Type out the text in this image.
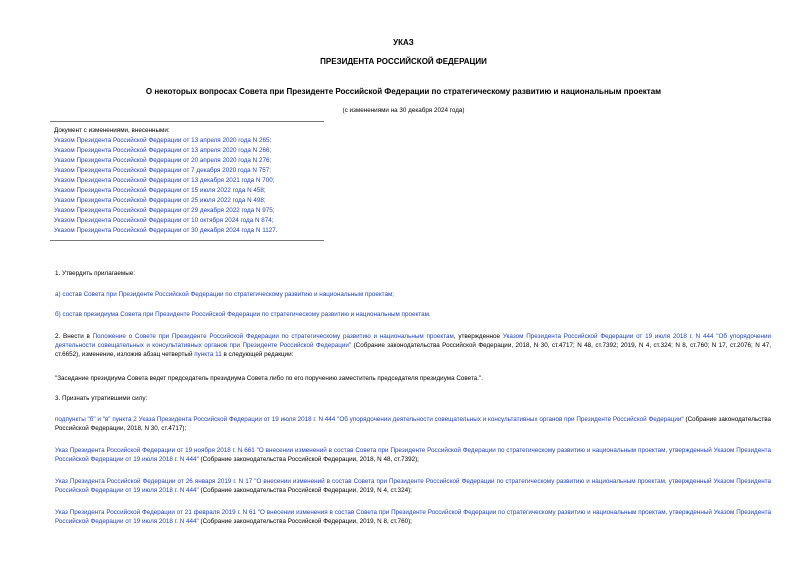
УКАЗ
ПРЕЗИДЕНТА РОССИЙСКОЙ ФЕДЕРАЦИИ
О некоторых вопросах Совета при Президенте Российской Федерации по стратегическому развитию и национальным проектам
(с изменениями на 30 декабря 2024 года)
Документ с изменениями, внесенными:
Указом Президента Российской Федерации от 13 апреля 2020 года N 265;
Указом Президента Российской Федерации от 13 апреля 2020 года N 266;
Указом Президента Российской Федерации от 20 апреля 2020 года N 276;
Указом Президента Российской Федерации от 7 декабря 2020 года N 757;
Указом Президента Российской Федерации от 13 декабря 2021 года N 700;
Указом Президента Российской Федерации от 15 июля 2022 года N 458;
Указом Президента Российской Федерации от 25 июля 2022 года N 498;
Указом Президента Российской Федерации от 29 декабря 2022 года N 975;
Указом Президента Российской Федерации от 10 октября 2024 года N 874;
Указом Президента Российской Федерации от 30 декабря 2024 года N 1127.
1. Утвердить прилагаемые:
а) состав Совета при Президенте Российской Федерации по стратегическому развитию и национальным проектам;
б) состав президиума Совета при Президенте Российской Федерации по стратегическому развитию и национальным проектам.
2. Внести в Положение о Совете при Президенте Российской Федерации по стратегическому развитию и национальным проектам, утвержденное Указом Президента Российской Федерации от 19 июля 2018 г. N 444 "Об упорядочении деятельности совещательных и консультативных органов при Президенте Российской Федерации" (Собрание законодательства Российской Федерации, 2018, N 30, ст.4717; N 48, ст.7392; 2019, N 4, ст.324; N 8, ст.760; N 17, ст.2076; N 47, ст.6652), изменение, изложив абзац четвертый пункта 11 в следующей редакции:
"Заседание президиума Совета ведет председатель президиума Совета либо по его поручению заместитель председателя президиума Совета.".
3. Признать утратившими силу:
подпункты "б" и "в" пункта 2 Указа Президента Российской Федерации от 19 июля 2018 г. N 444 "Об упорядочении деятельности совещательных и консультативных органов при Президенте Российской Федерации" (Собрание законодательства Российской Федерации, 2018, N 30, ст.4717);
Указ Президента Российской Федерации от 19 ноября 2018 г. N 661 "О внесении изменений в состав Совета при Президенте Российской Федерации по стратегическому развитию и национальным проектам, утвержденный Указом Президента Российской Федерации от 19 июля 2018 г. N 444" (Собрание законодательства Российской Федерации, 2018, N 48, ст.7392);
Указ Президента Российской Федерации от 26 января 2019 г. N 17 "О внесении изменений в состав Совета при Президенте Российской Федерации по стратегическому развитию и национальным проектам, утвержденный Указом Президента Российской Федерации от 19 июля 2018 г. N 444" (Собрание законодательства Российской Федерации, 2019, N 4, ст.324);
Указ Президента Российской Федерации от 21 февраля 2019 г. N 61 "О внесении изменения в состав Совета при Президенте Российской Федерации по стратегическому развитию и национальным проектам, утвержденный Указом Президента Российской Федерации от 19 июля 2018 г. N 444" (Собрание законодательства Российской Федерации, 2019, N 8, ст.760);
